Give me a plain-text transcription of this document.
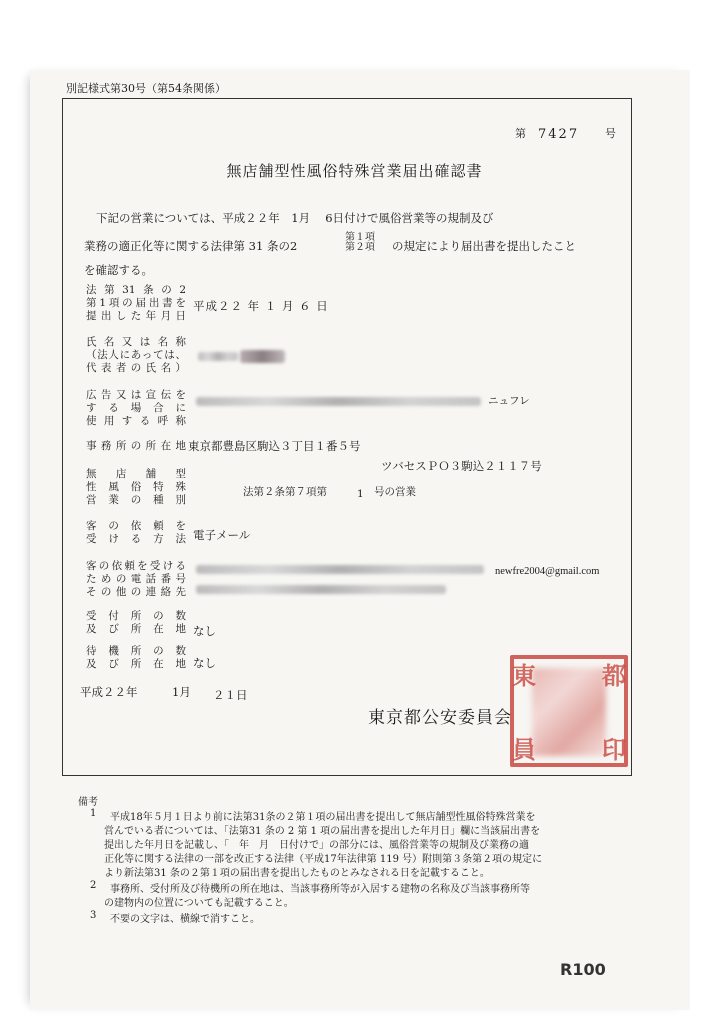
別記様式第30号（第54条関係）
第 7427 号
無店舗型性風俗特殊営業届出確認書
下記の営業については、平成２２年　1月　 6日付けで風俗営業等の規制及び
業務の適正化等に関する法律第 31 条の2
第１項
第２項 の規定により届出書を提出したこと
を確認する。
法第31条の2
第1項の届出書を
提出した年月日
平成２２ 年 １ 月 ６ 日
氏名又は名称
（法人にあっては、
代表者の氏名）
広告又は宣伝を
する場合に
使用する呼称
ニュフレ
事務所の所在地 東京都豊島区駒込３丁目１番５号
ツバセスＰＯ３駒込２１１７号
無店舗型
性風俗特殊
営業の種別
法第２条第７項第	1 号の営業
客の依頼を
受ける方法 電子メール
客の依頼を受ける
ための電話番号
その他の連絡先
newfre2004@gmail.com
受付所の数
及び所在地 なし
待機所の数
及び所在地 なし
平成２２年	1月 ２１日
東	都
員	印
東京都公安委員会
備考
1 平成18年５月１日より前に法第31条の２第１項の届出書を提出して無店舗型性風俗特殊営業を
営んでいる者については、「法第31 条の 2 第 1 項の届出書を提出した年月日」欄に当該届出書を
提出した年月日を記載し、「　年　月　日付けで」の部分には、風俗営業等の規制及び業務の適
正化等に関する法律の一部を改正する法律（平成17年法律第 119 号）附則第３条第２項の規定に
より新法第31 条の２第１項の届出書を提出したものとみなされる日を記載すること。
2 事務所、受付所及び待機所の所在地は、当該事務所等が入居する建物の名称及び当該事務所等
の建物内の位置についても記載すること。
3 不要の文字は、横線で消すこと。
R100
